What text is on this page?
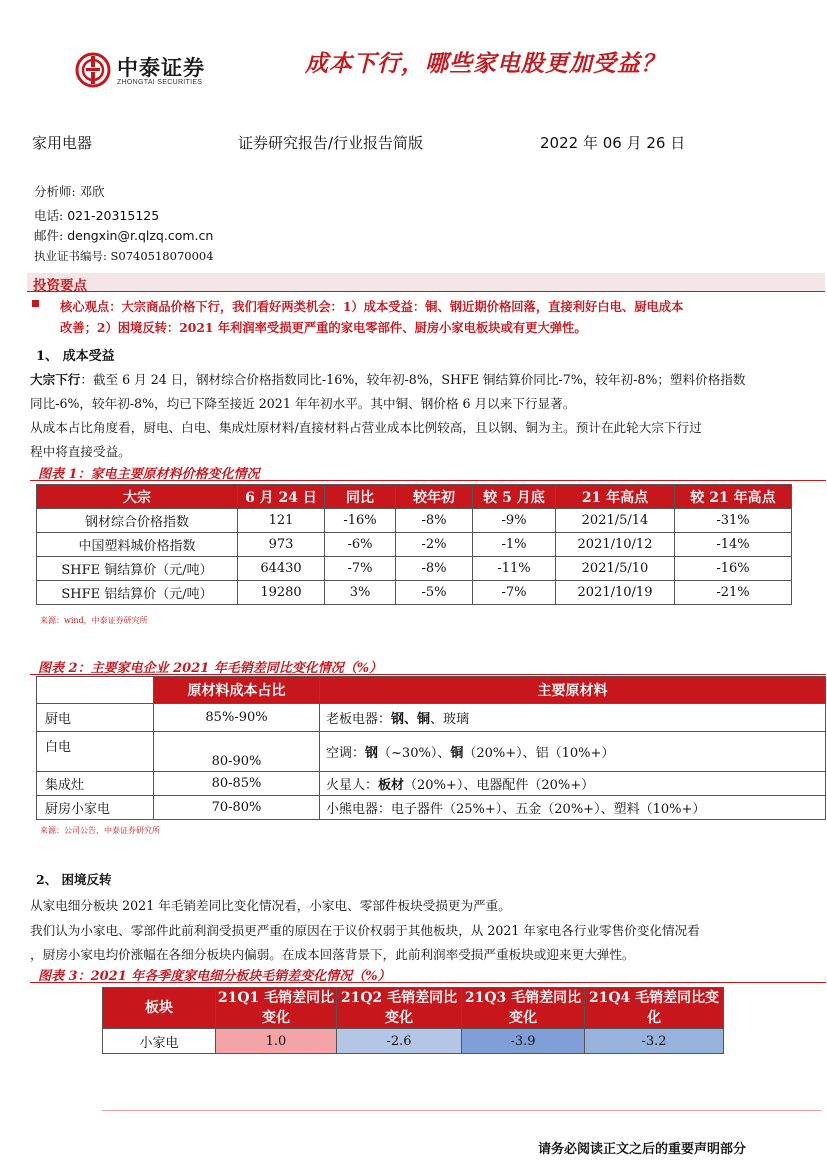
中泰证券
ZHONGTAI SECURITIES
成本下行，哪些家电股更加受益？
家用电器	证券研究报告/行业报告简版	2022 年 06 月 26 日
分析师: 邓欣
电话: 021-20315125
邮件: dengxin@r.qlzq.com.cn
执业证书编号: S0740518070004
投资要点
核心观点：大宗商品价格下行，我们看好两类机会：1）成本受益：铜、钢近期价格回落，直接利好白电、厨电成本
改善；2）困境反转：2021 年利润率受损更严重的家电零部件、厨房小家电板块或有更大弹性。
1、 成本受益
大宗下行：截至 6 月 24 日，钢材综合价格指数同比-16%，较年初-8%，SHFE 铜结算价同比-7%，较年初-8%；塑料价格指数
同比-6%，较年初-8%，均已下降至接近 2021 年年初水平。其中铜、钢价格 6 月以来下行显著。
从成本占比角度看，厨电、白电、集成灶原材料/直接材料占营业成本比例较高，且以钢、铜为主。预计在此轮大宗下行过
程中将直接受益。
图表 1：家电主要原材料价格变化情况
大宗	6 月 24 日	同比	较年初	较 5 月底	21 年高点	较 21 年高点
钢材综合价格指数	121	-16%	-8%	-9%	2021/5/14	-31%
中国塑料城价格指数	973	-6%	-2%	-1%	2021/10/12	-14%
SHFE 铜结算价（元/吨）	64430	-7%	-8%	-11%	2021/5/10	-16%
SHFE 铝结算价（元/吨）	19280	3%	-5%	-7%	2021/10/19	-21%
来源：wind，中泰证券研究所
图表 2：主要家电企业 2021 年毛销差同比变化情况（%）
	原材料成本占比	主要原材料
厨电	85%-90%	老板电器：钢、铜、玻璃
白电	80-90%	空调：钢（~30%）、铜（20%+）、铝（10%+）
集成灶	80-85%	火星人：板材（20%+）、电器配件（20%+）
厨房小家电	70-80%	小熊电器：电子器件（25%+）、五金（20%+）、塑料（10%+）
来源：公司公告，中泰证券研究所
2、 困境反转
从家电细分板块 2021 年毛销差同比变化情况看，小家电、零部件板块受损更为严重。
我们认为小家电、零部件此前利润受损更严重的原因在于议价权弱于其他板块，从 2021 年家电各行业零售价变化情况看
，厨房小家电均价涨幅在各细分板块内偏弱。在成本回落背景下，此前利润率受损严重板块或迎来更大弹性。
图表 3：2021 年各季度家电细分板块毛销差变化情况（%）
板块	21Q1 毛销差同比变化	21Q2 毛销差同比变化	21Q3 毛销差同比变化	21Q4 毛销差同比变化
小家电	1.0	-2.6	-3.9	-3.2
请务必阅读正文之后的重要声明部分
